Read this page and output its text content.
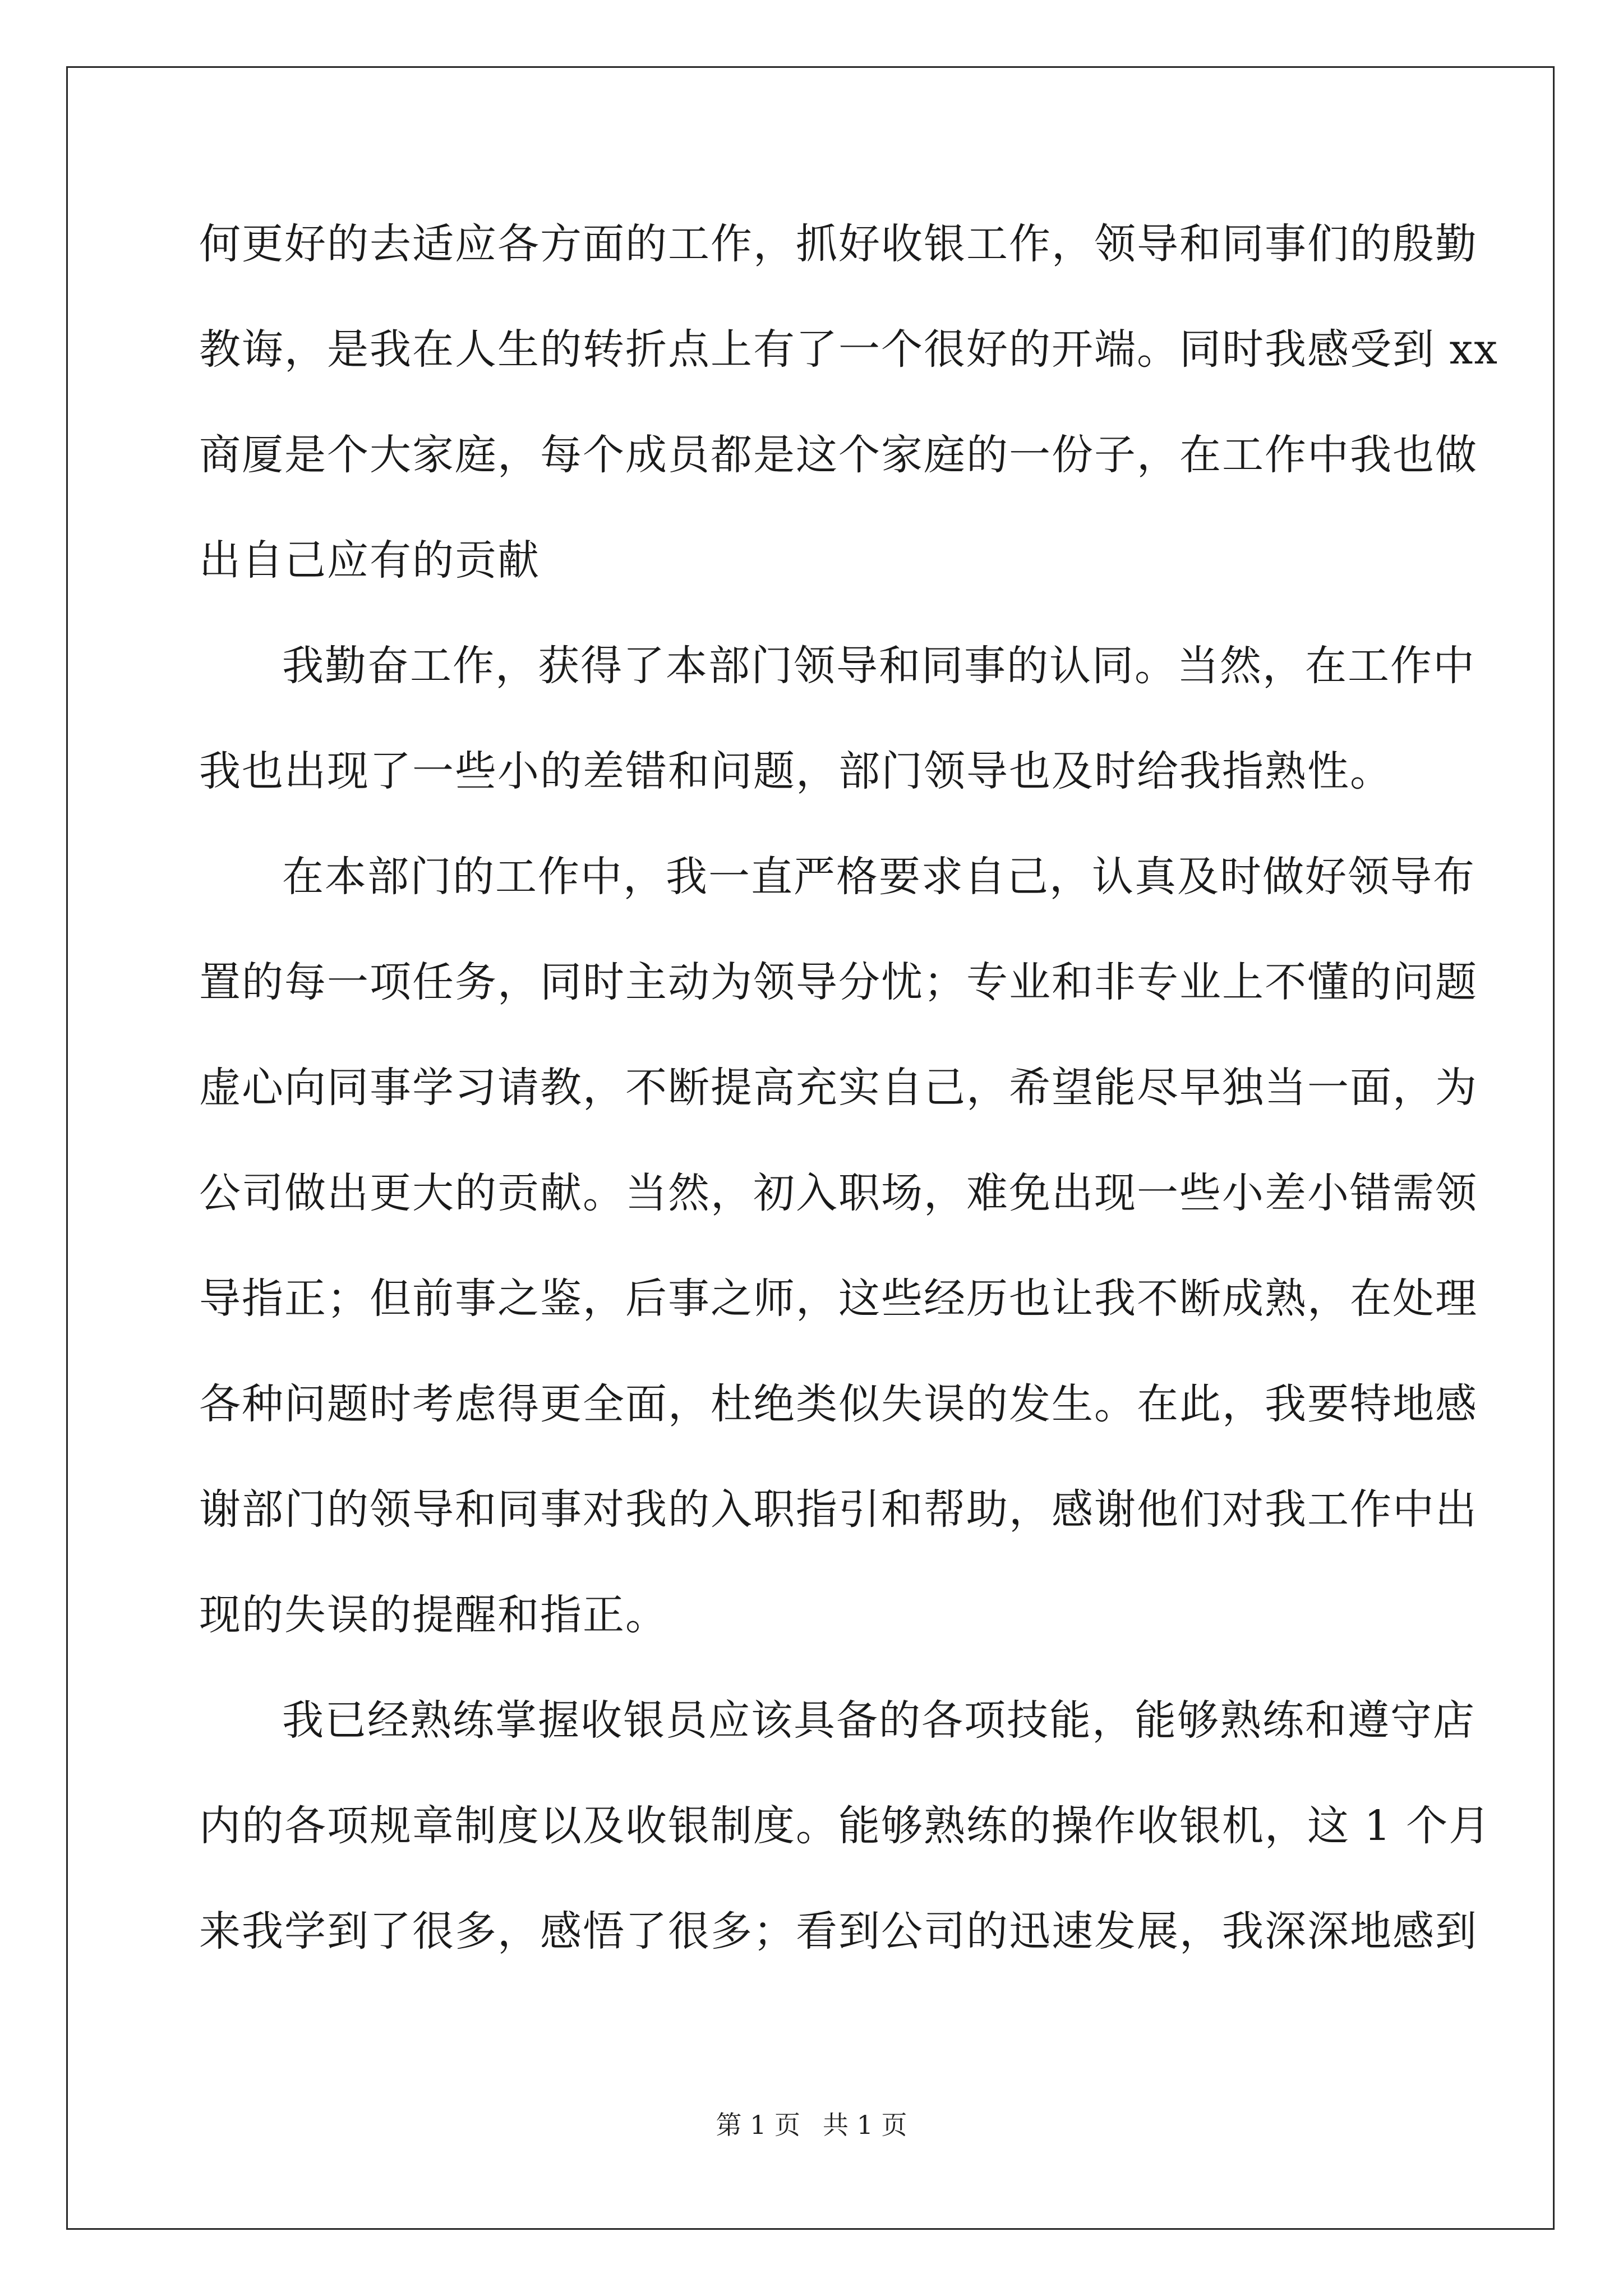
何更好的去适应各方面的工作，抓好收银工作，领导和同事们的殷勤
教诲，是我在人生的转折点上有了一个很好的开端。同时我感受到 xx
商厦是个大家庭，每个成员都是这个家庭的一份子，在工作中我也做
出自己应有的贡献
我勤奋工作，获得了本部门领导和同事的认同。当然，在工作中
我也出现了一些小的差错和问题，部门领导也及时给我指熟性。
在本部门的工作中，我一直严格要求自己，认真及时做好领导布
置的每一项任务，同时主动为领导分忧；专业和非专业上不懂的问题
虚心向同事学习请教，不断提高充实自己，希望能尽早独当一面，为
公司做出更大的贡献。当然，初入职场，难免出现一些小差小错需领
导指正；但前事之鉴，后事之师，这些经历也让我不断成熟，在处理
各种问题时考虑得更全面，杜绝类似失误的发生。在此，我要特地感
谢部门的领导和同事对我的入职指引和帮助，感谢他们对我工作中出
现的失误的提醒和指正。
我已经熟练掌握收银员应该具备的各项技能，能够熟练和遵守店
内的各项规章制度以及收银制度。能够熟练的操作收银机，这 1 个月
来我学到了很多，感悟了很多；看到公司的迅速发展，我深深地感到
第 1 页 共 1 页
